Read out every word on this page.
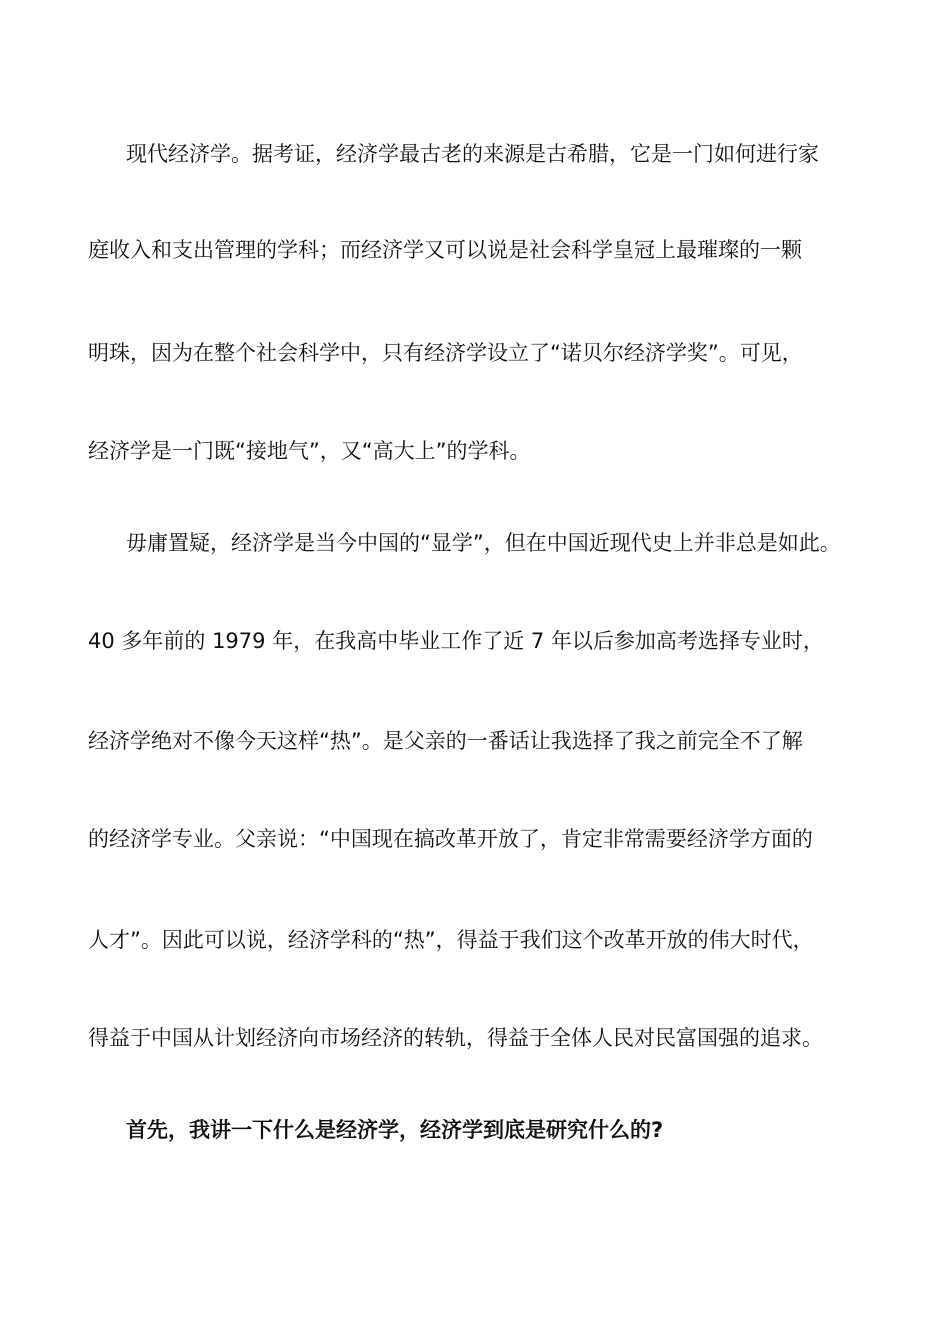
现代经济学。据考证，经济学最古老的来源是古希腊，它是一门如何进行家
庭收入和支出管理的学科；而经济学又可以说是社会科学皇冠上最璀璨的一颗
明珠，因为在整个社会科学中，只有经济学设立了“诺贝尔经济学奖”。可见，
经济学是一门既“接地气”，又“高大上”的学科。
毋庸置疑，经济学是当今中国的“显学”，但在中国近现代史上并非总是如此。
40 多年前的 1979 年，在我高中毕业工作了近 7 年以后参加高考选择专业时，
经济学绝对不像今天这样“热”。是父亲的一番话让我选择了我之前完全不了解
的经济学专业。父亲说：“中国现在搞改革开放了，肯定非常需要经济学方面的
人才”。因此可以说，经济学科的“热”，得益于我们这个改革开放的伟大时代，
得益于中国从计划经济向市场经济的转轨，得益于全体人民对民富国强的追求。
首先，我讲一下什么是经济学，经济学到底是研究什么的?
